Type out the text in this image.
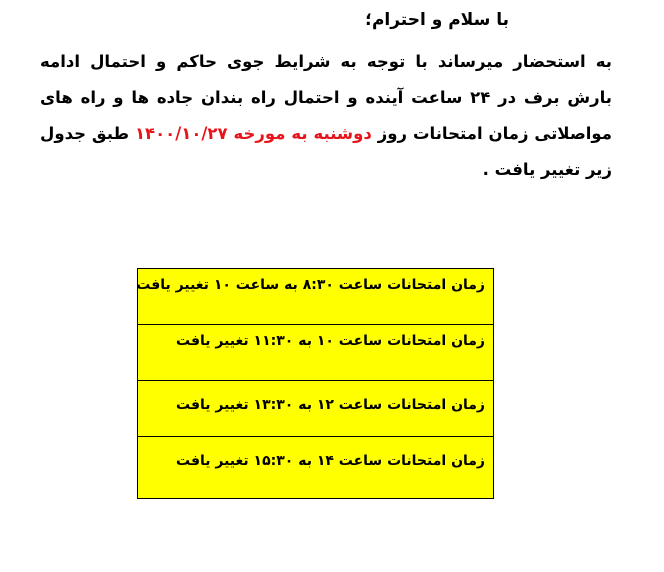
با سلام و احترام؛
به استحضار میرساند با توجه به شرایط جوی حاکم و احتمال ادامه بارش برف در ۲۴ ساعت آینده و احتمال راه بندان جاده ها و راه های مواصلاتی زمان امتحانات روز دوشنبه به مورخه ۱۴۰۰/۱۰/۲۷ طبق جدول زیر تغییر یافت .
زمان امتحانات ساعت ۸:۳۰ به ساعت ۱۰ تغییر یافت
زمان امتحانات ساعت ۱۰ به ۱۱:۳۰ تغییر یافت
زمان امتحانات ساعت ۱۲ به ۱۳:۳۰ تغییر یافت
زمان امتحانات ساعت ۱۴ به ۱۵:۳۰ تغییر یافت
